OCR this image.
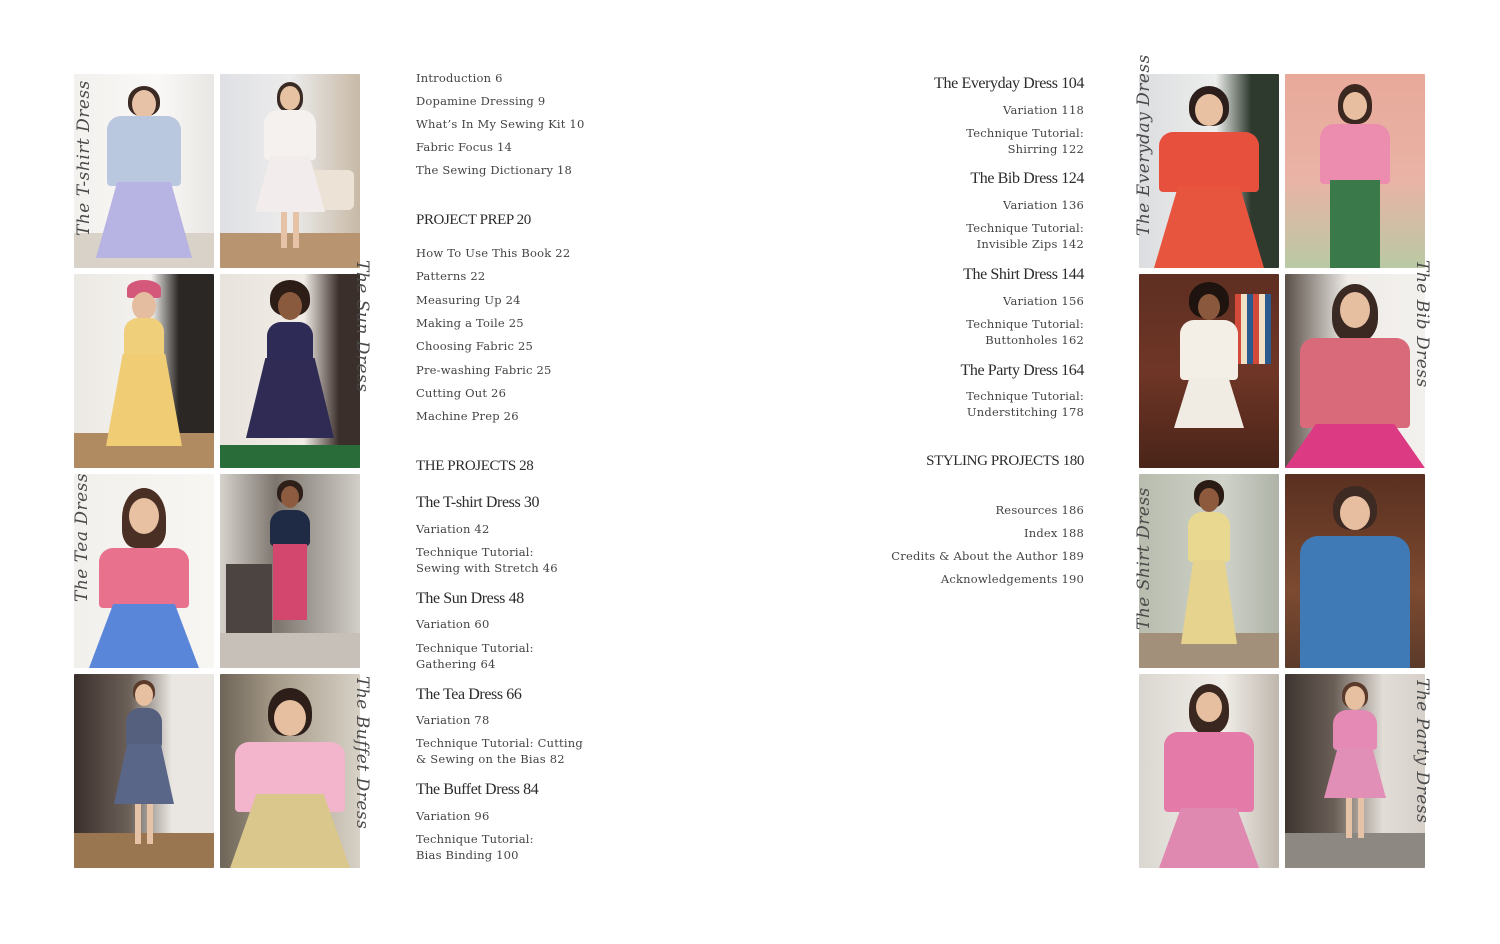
The T-shirt Dress
The Sun Dress
The Tea Dress
The Buffet Dress
The Everyday Dress
The Bib Dress
The Shirt Dress
The Party Dress
Introduction 6
Dopamine Dressing 9
What’s In My Sewing Kit 10
Fabric Focus 14
The Sewing Dictionary 18
PROJECT PREP 20
How To Use This Book 22
Patterns 22
Measuring Up 24
Making a Toile 25
Choosing Fabric 25
Pre-washing Fabric 25
Cutting Out 26
Machine Prep 26
THE PROJECTS 28
The T-shirt Dress 30
Variation 42
Technique Tutorial:
Sewing with Stretch 46
The Sun Dress 48
Variation 60
Technique Tutorial:
Gathering 64
The Tea Dress 66
Variation 78
Technique Tutorial: Cutting
& Sewing on the Bias 82
The Buffet Dress 84
Variation 96
Technique Tutorial:
Bias Binding 100
The Everyday Dress 104
Variation 118
Technique Tutorial:
Shirring 122
The Bib Dress 124
Variation 136
Technique Tutorial:
Invisible Zips 142
The Shirt Dress 144
Variation 156
Technique Tutorial:
Buttonholes 162
The Party Dress 164
Technique Tutorial:
Understitching 178
STYLING PROJECTS 180
Resources 186
Index 188
Credits & About the Author 189
Acknowledgements 190
